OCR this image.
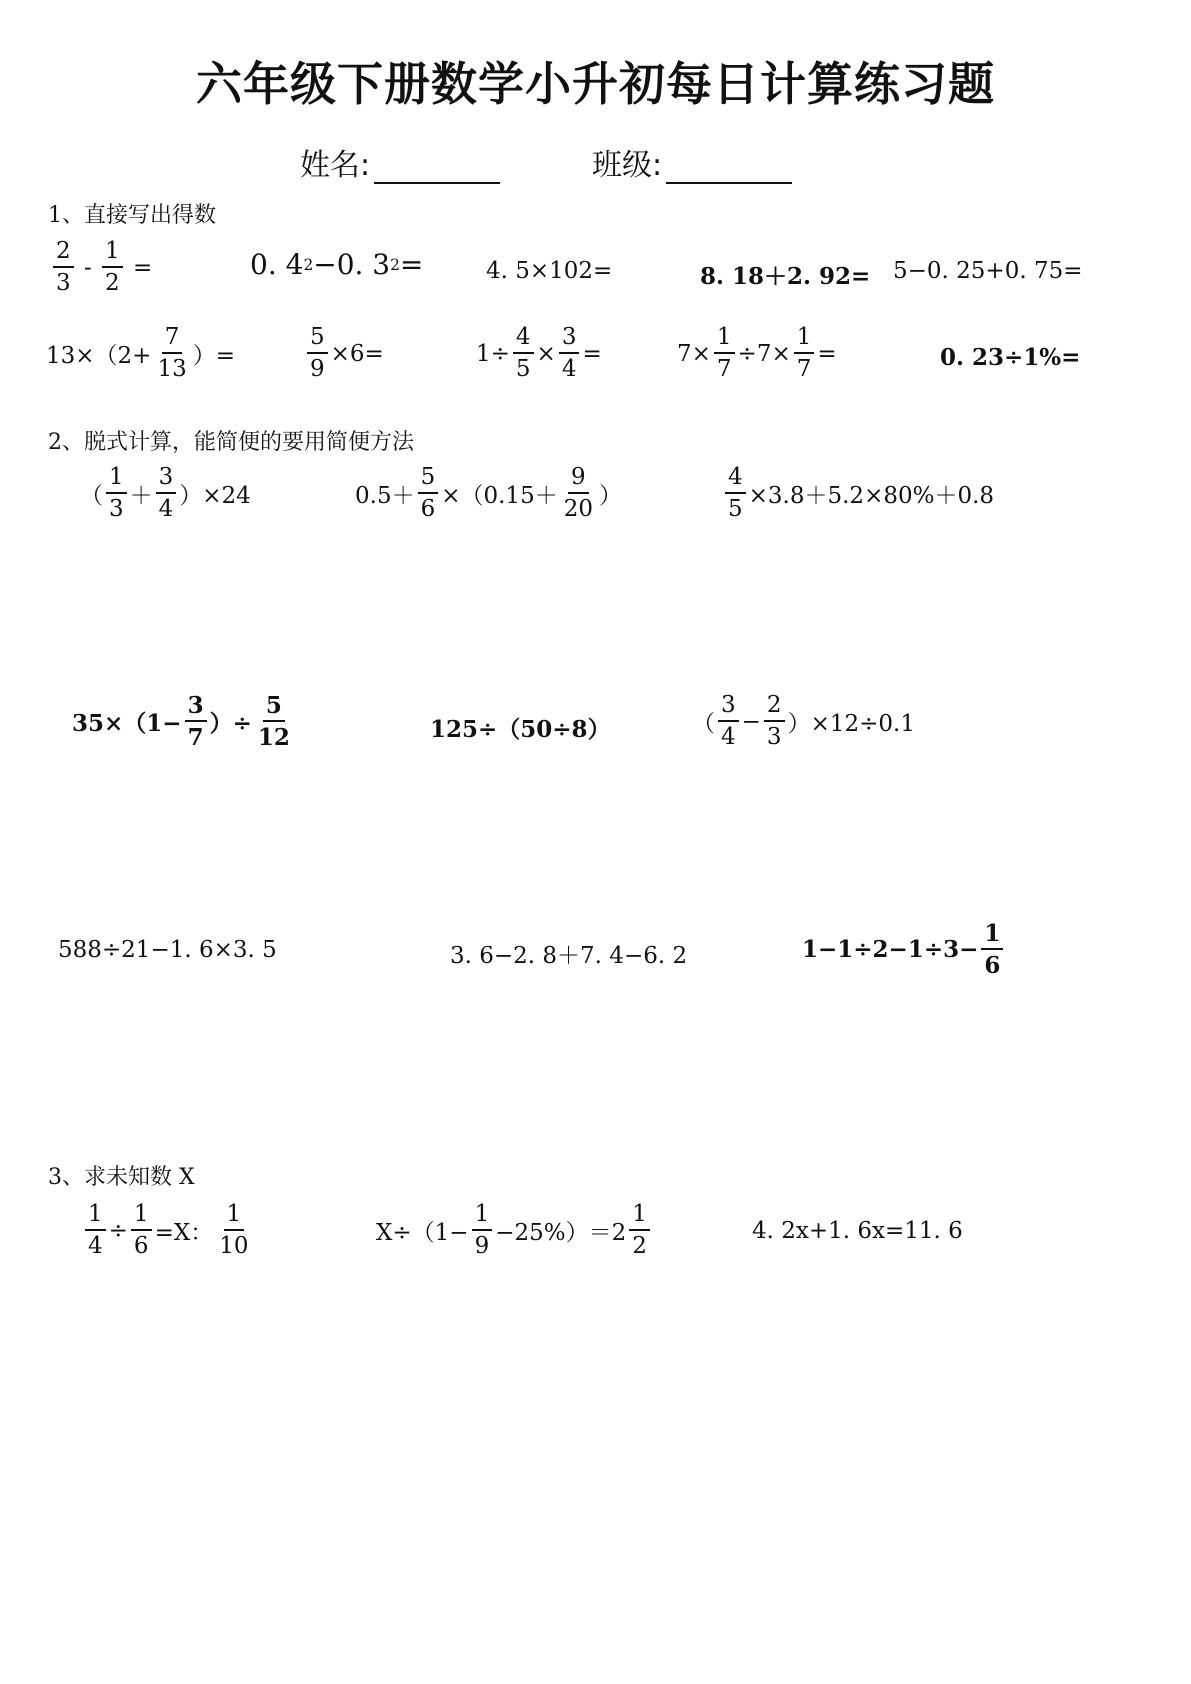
六年级下册数学小升初每日计算练习题
姓名:	班级:
1、直接写出得数
$\frac{2}{3} - \frac{1}{2}$ =	0. 4 2 −0. 3 2 =	4. 5×102=	8. 18＋2. 92= 5−0. 25+0. 75=
$13\times(2+ \frac{7}{13}$ ）=	$\frac{5}{9} \times 6=$	$1\div \frac{4}{5} \times \frac{3}{4}$ =	$7\times \frac{1}{7} \div 7\times \frac{1}{7}$ =	0. 23÷1%=
2、脱式计算，能简便的要用简便方法
（ $\frac{1}{3} + \frac{3}{4} )\times 24$	$0.5+ \frac{5}{6} \times(0.15+ \frac{9}{20}$ ）	$\frac{4}{5} \times 3.8+5.2\times 80\%+0.8$
$35\times(1- \frac{3}{7}$ ）÷ $\frac{5}{12}$	125÷（50÷8）	（ $\frac{3}{4} - \frac{2}{3} )\times 12\div 0.1$
588÷21−1. 6×3. 5	3. 6−2. 8＋7. 4−6. 2	$1-1\div 2-1\div 3- \frac{1}{6}$
3、求未知数 X
$\frac{1}{4} \div \frac{1}{6} =X$： $\frac{1}{10}$	$X\div(1- \frac{1}{9} -25\%)=2 \frac{1}{2}$	4. 2x+1. 6x=11. 6
